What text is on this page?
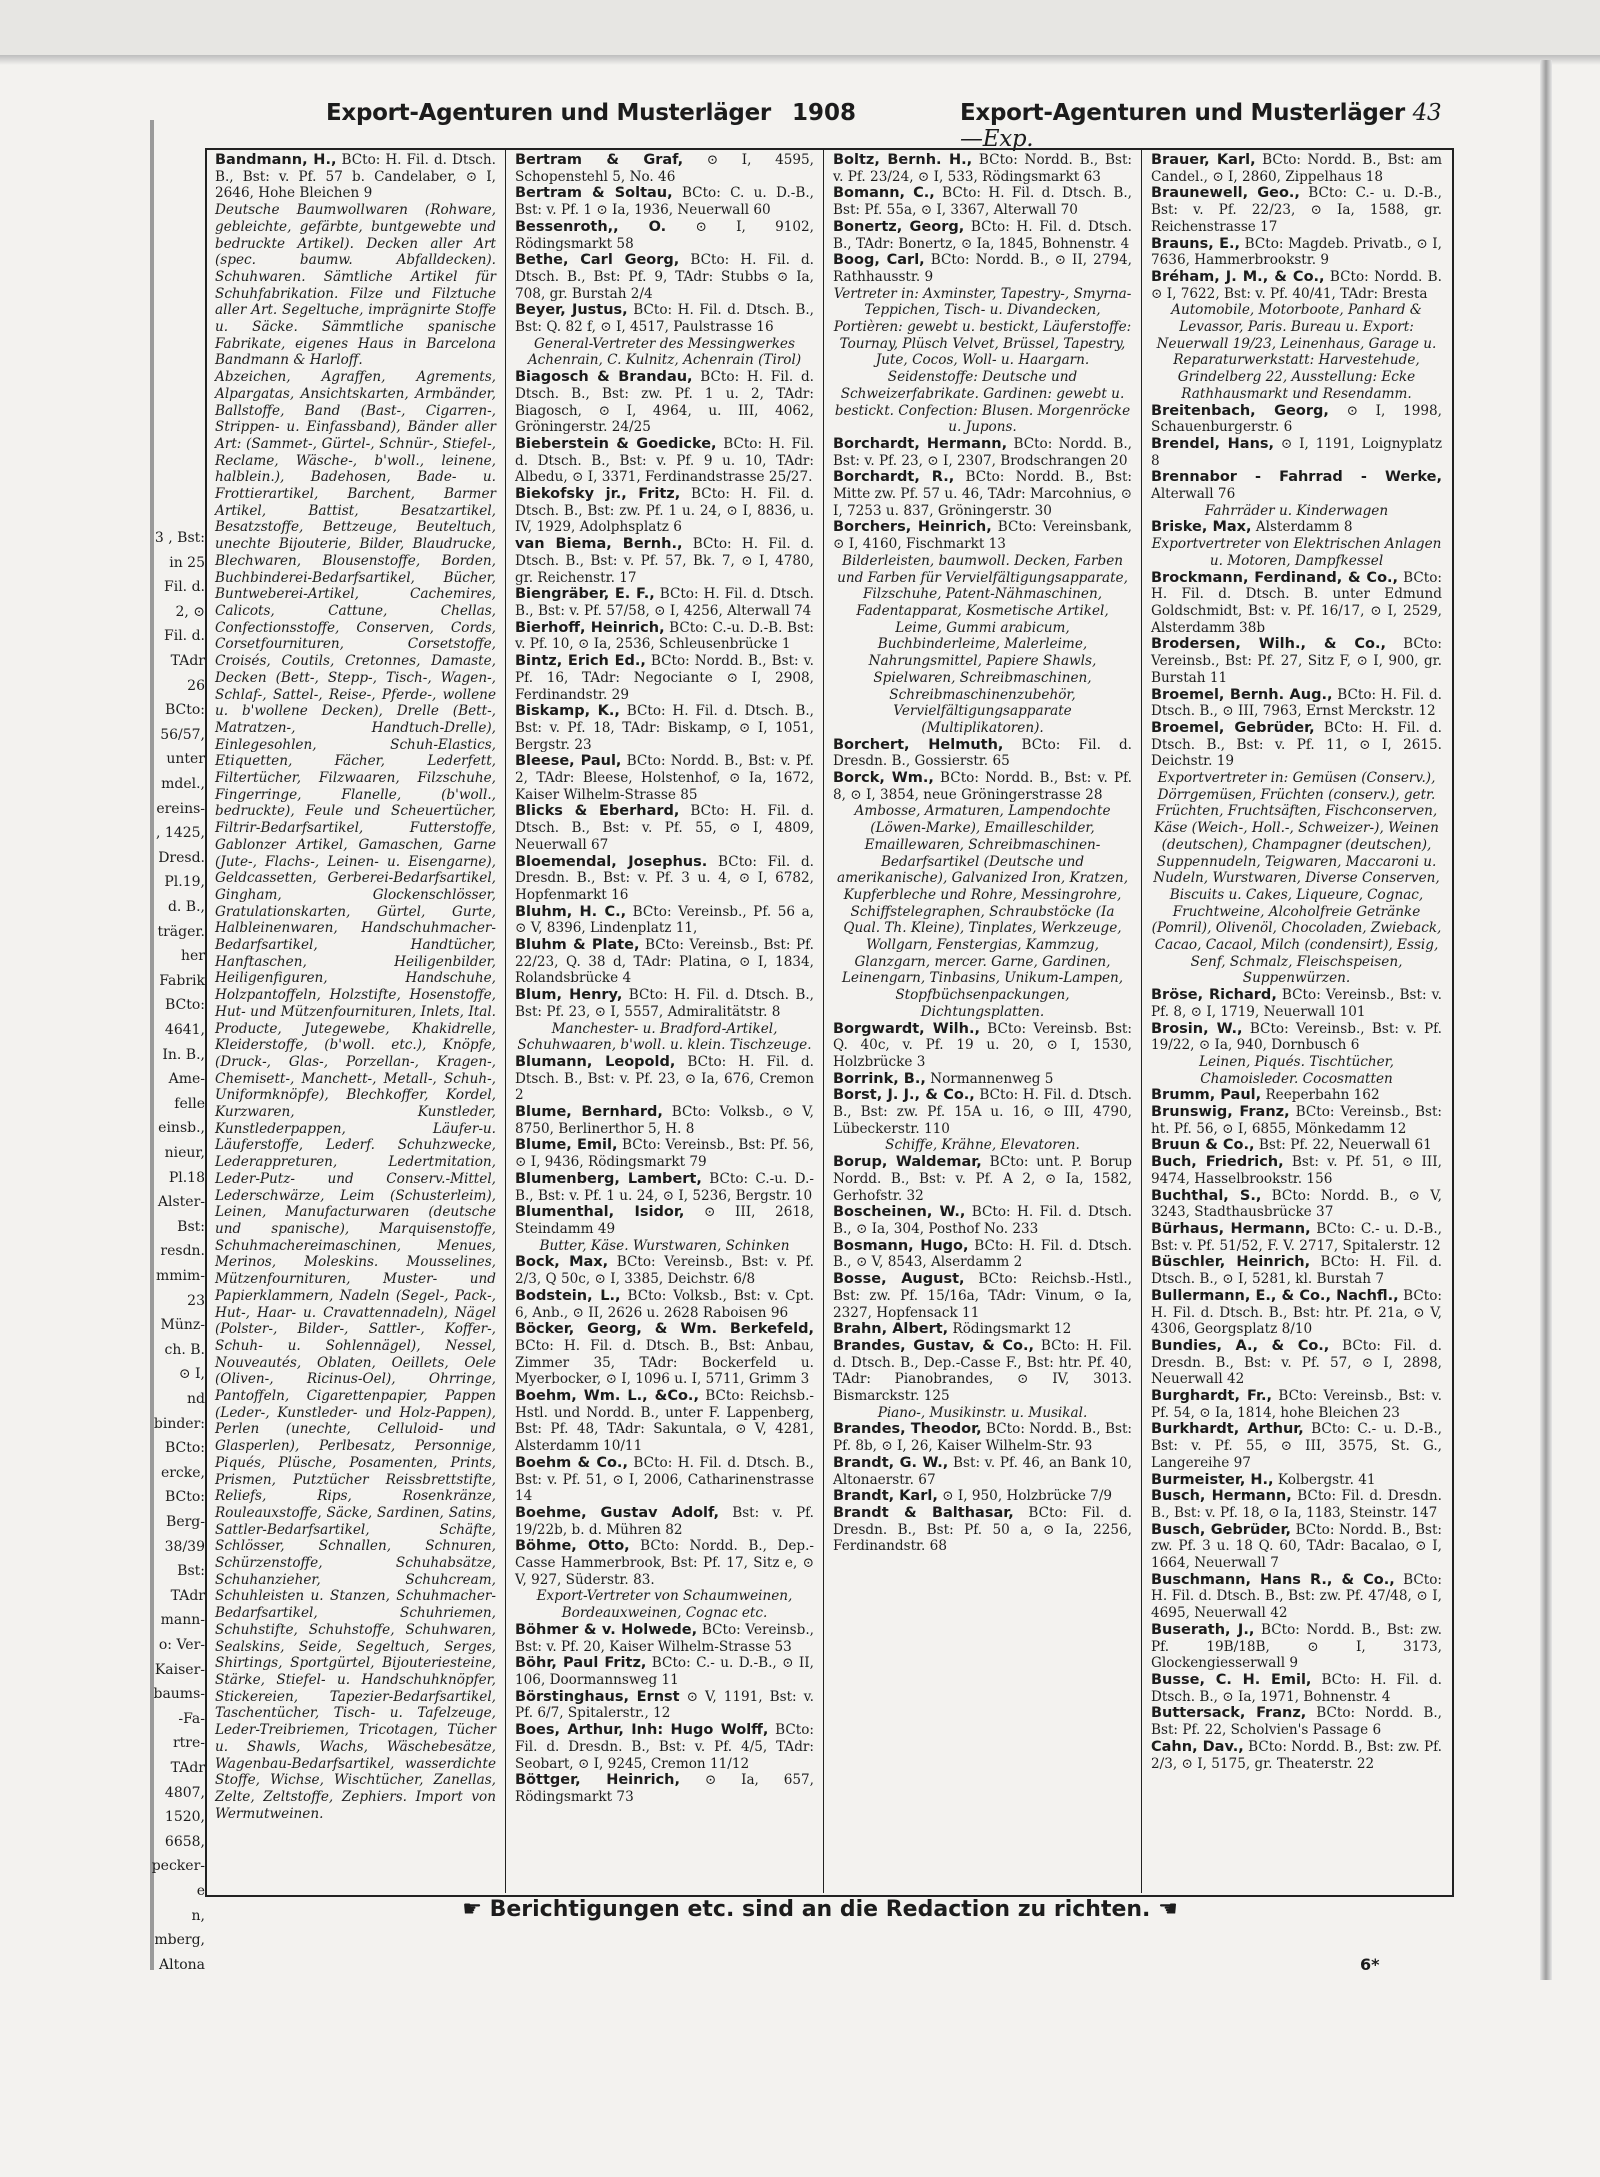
3 , Bst:
in 25
Fil. d.
2, ⊙
Fil. d.
TAdr
26
BCto:
56/57,
unter
mdel.,
ereins-
, 1425,
Dresd.
Pl.19,
d. B.,
träger.
her
Fabrik
BCto:
4641,
In. B.,
Ame-
felle
einsb.,
nieur,
Pl.18
Alster-
Bst:
resdn.
mmim-
23
Münz-
ch. B.
⊙ I,
nd
binder:
BCto:
ercke,
BCto:
Berg-
38/39
Bst:
TAdr
mann-
o: Ver-
Kaiser-
baums-
-Fa-
rtre-
TAdr
4807,
1520,
6658,
pecker-
e
n,
mberg,
Altona
Export-Agenturen und Musterläger 1908	Export-Agenturen und Musterläger 43—Exp.

Bandmann, H., BCto: H. Fil. d. Dtsch. B., Bst: v. Pf. 57 b. Candelaber, ⊙ I, 2646, Hohe Bleichen 9

Deutsche Baumwollwaren (Rohware, gebleichte, gefärbte, buntgewebte und bedruckte Artikel). Decken aller Art (spec. baumw. Abfalldecken). Schuhwaren. Sämtliche Artikel für Schuhfabrikation. Filze und Filztuche aller Art. Segeltuche, imprägnirte Stoffe u. Säcke. Sämmtliche spanische Fabrikate, eigenes Haus in Barcelona Bandmann & Harloff.

Abzeichen, Agraffen, Agrements, Alpargatas, Ansichtskarten, Armbänder, Ballstoffe, Band (Bast-, Cigarren-, Strippen- u. Einfassband), Bänder aller Art: (Sammet-, Gürtel-, Schnür-, Stiefel-, Reclame, Wäsche-, b'woll., leinene, halblein.), Badehosen, Bade- u. Frottierartikel, Barchent, Barmer Artikel, Battist, Besatzartikel, Besatzstoffe, Bettzeuge, Beuteltuch, unechte Bijouterie, Bilder, Blaudrucke, Blechwaren, Blousenstoffe, Borden, Buchbinderei-Bedarfsartikel, Bücher, Buntweberei-Artikel, Cachemires, Calicots, Cattune, Chellas, Confectionsstoffe, Conserven, Cords, Corsetfournituren, Corsetstoffe, Croisés, Coutils, Cretonnes, Damaste, Decken (Bett-, Stepp-, Tisch-, Wagen-, Schlaf-, Sattel-, Reise-, Pferde-, wollene u. b'wollene Decken), Drelle (Bett-, Matratzen-, Handtuch-Drelle), Einlegesohlen, Schuh-Elastics, Etiquetten, Fächer, Lederfett, Filtertücher, Filzwaaren, Filzschuhe, Fingerringe, Flanelle, (b'woll., bedruckte), Feule und Scheuertücher, Filtrir-Bedarfsartikel, Futterstoffe, Gablonzer Artikel, Gamaschen, Garne (Jute-, Flachs-, Leinen- u. Eisengarne), Geldcassetten, Gerberei-Bedarfsartikel, Gingham, Glockenschlösser, Gratulationskarten, Gürtel, Gurte, Halbleinenwaren, Handschuhmacher-Bedarfsartikel, Handtücher, Hanftaschen, Heiligenbilder, Heiligenfiguren, Handschuhe, Holzpantoffeln, Holzstifte, Hosenstoffe, Hut- und Mützenfournituren, Inlets, Ital. Producte, Jutegewebe, Khakidrelle, Kleiderstoffe, (b'woll. etc.), Knöpfe, (Druck-, Glas-, Porzellan-, Kragen-, Chemisett-, Manchett-, Metall-, Schuh-, Uniformknöpfe), Blechkoffer, Kordel, Kurzwaren, Kunstleder, Kunstlederpappen, Läufer-u. Läuferstoffe, Lederf. Schuhzwecke, Lederappreturen, Ledertmitation, Leder-Putz- und Conserv.-Mittel, Lederschwärze, Leim (Schusterleim), Leinen, Manufacturwaren (deutsche und spanische), Marquisenstoffe, Schuhmachereimaschinen, Menues, Merinos, Moleskins. Mousselines, Mützenfournituren, Muster- und Papierklammern, Nadeln (Segel-, Pack-, Hut-, Haar- u. Cravattennadeln), Nägel (Polster-, Bilder-, Sattler-, Koffer-, Schuh- u. Sohlennägel), Nessel, Nouveautés, Oblaten, Oeillets, Oele (Oliven-, Ricinus-Oel), Ohrringe, Pantoffeln, Cigarettenpapier, Pappen (Leder-, Kunstleder- und Holz-Pappen), Perlen (unechte, Celluloid- und Glasperlen), Perlbesatz, Personnige, Piqués, Plüsche, Posamenten, Prints, Prismen, Putztücher Reissbrettstifte, Reliefs, Rips, Rosenkränze, Rouleauxstoffe, Säcke, Sardinen, Satins, Sattler-Bedarfsartikel, Schäfte, Schlösser, Schnallen, Schnuren, Schürzenstoffe, Schuhabsätze, Schuhanzieher, Schuhcream, Schuhleisten u. Stanzen, Schuhmacher-Bedarfsartikel, Schuhriemen, Schuhstifte, Schuhstoffe, Schuhwaren, Sealskins, Seide, Segeltuch, Serges, Shirtings, Sportgürtel, Bijouteriesteine, Stärke, Stiefel- u. Handschuhknöpfer, Stickereien, Tapezier-Bedarfsartikel, Taschentücher, Tisch- u. Tafelzeuge, Leder-Treibriemen, Tricotagen, Tücher u. Shawls, Wachs, Wäschebesätze, Wagenbau-Bedarfsartikel, wasserdichte Stoffe, Wichse, Wischtücher, Zanellas, Zelte, Zeltstoffe, Zephiers. Import von Wermutweinen.

Bertram & Graf, ⊙ I, 4595, Schopenstehl 5, No. 46

Bertram & Soltau, BCto: C. u. D.-B., Bst: v. Pf. 1 ⊙ Ia, 1936, Neuerwall 60

Bessenroth,, O. ⊙ I, 9102, Rödingsmarkt 58

Bethe, Carl Georg, BCto: H. Fil. d. Dtsch. B., Bst: Pf. 9, TAdr: Stubbs ⊙ Ia, 708, gr. Burstah 2/4

Beyer, Justus, BCto: H. Fil. d. Dtsch. B., Bst: Q. 82 f, ⊙ I, 4517, Paulstrasse 16

General-Vertreter des Messingwerkes Achenrain, C. Kulnitz, Achenrain (Tirol)

Biagosch & Brandau, BCto: H. Fil. d. Dtsch. B., Bst: zw. Pf. 1 u. 2, TAdr: Biagosch, ⊙ I, 4964, u. III, 4062, Gröningerstr. 24/25

Bieberstein & Goedicke, BCto: H. Fil. d. Dtsch. B., Bst: v. Pf. 9 u. 10, TAdr: Albedu, ⊙ I, 3371, Ferdinandstrasse 25/27.

Biekofsky jr., Fritz, BCto: H. Fil. d. Dtsch. B., Bst: zw. Pf. 1 u. 24, ⊙ I, 8836, u. IV, 1929, Adolphsplatz 6

van Biema, Bernh., BCto: H. Fil. d. Dtsch. B., Bst: v. Pf. 57, Bk. 7, ⊙ I, 4780, gr. Reichenstr. 17

Biengräber, E. F., BCto: H. Fil. d. Dtsch. B., Bst: v. Pf. 57/58, ⊙ I, 4256, Alterwall 74

Bierhoff, Heinrich, BCto: C.-u. D.-B. Bst: v. Pf. 10, ⊙ Ia, 2536, Schleusenbrücke 1

Bintz, Erich Ed., BCto: Nordd. B., Bst: v. Pf. 16, TAdr: Negociante ⊙ I, 2908, Ferdinandstr. 29

Biskamp, K., BCto: H. Fil. d. Dtsch. B., Bst: v. Pf. 18, TAdr: Biskamp, ⊙ I, 1051, Bergstr. 23

Bleese, Paul, BCto: Nordd. B., Bst: v. Pf. 2, TAdr: Bleese, Holstenhof, ⊙ Ia, 1672, Kaiser Wilhelm-Strasse 85

Blicks & Eberhard, BCto: H. Fil. d. Dtsch. B., Bst: v. Pf. 55, ⊙ I, 4809, Neuerwall 67

Bloemendal, Josephus. BCto: Fil. d. Dresdn. B., Bst: v. Pf. 3 u. 4, ⊙ I, 6782, Hopfenmarkt 16

Bluhm, H. C., BCto: Vereinsb., Pf. 56 a, ⊙ V, 8396, Lindenplatz 11,

Bluhm & Plate, BCto: Vereinsb., Bst: Pf. 22/23, Q. 38 d, TAdr: Platina, ⊙ I, 1834, Rolandsbrücke 4

Blum, Henry, BCto: H. Fil. d. Dtsch. B., Bst: Pf. 23, ⊙ I, 5557, Admiralitätstr. 8

Manchester- u. Bradford-Artikel, Schuhwaaren, b'woll. u. klein. Tischzeuge.

Blumann, Leopold, BCto: H. Fil. d. Dtsch. B., Bst: v. Pf. 23, ⊙ Ia, 676, Cremon 2

Blume, Bernhard, BCto: Volksb., ⊙ V, 8750, Berlinerthor 5, H. 8

Blume, Emil, BCto: Vereinsb., Bst: Pf. 56, ⊙ I, 9436, Rödingsmarkt 79

Blumenberg, Lambert, BCto: C.-u. D.-B., Bst: v. Pf. 1 u. 24, ⊙ I, 5236, Bergstr. 10

Blumenthal, Isidor, ⊙ III, 2618, Steindamm 49

Butter, Käse. Wurstwaren, Schinken

Bock, Max, BCto: Vereinsb., Bst: v. Pf. 2/3, Q 50c, ⊙ I, 3385, Deichstr. 6/8

Bodstein, L., BCto: Volksb., Bst: v. Cpt. 6, Anb., ⊙ II, 2626 u. 2628 Raboisen 96

Böcker, Georg, & Wm. Berkefeld, BCto: H. Fil. d. Dtsch. B., Bst: Anbau, Zimmer 35, TAdr: Bockerfeld u. Myerbocker, ⊙ I, 1096 u. I, 5711, Grimm 3

Boehm, Wm. L., &Co., BCto: Reichsb.-Hstl. und Nordd. B., unter F. Lappenberg, Bst: Pf. 48, TAdr: Sakuntala, ⊙ V, 4281, Alsterdamm 10/11

Boehm & Co., BCto: H. Fil. d. Dtsch. B., Bst: v. Pf. 51, ⊙ I, 2006, Catharinenstrasse 14

Boehme, Gustav Adolf, Bst: v. Pf. 19/22b, b. d. Mühren 82

Böhme, Otto, BCto: Nordd. B., Dep.-Casse Hammerbrook, Bst: Pf. 17, Sitz e, ⊙ V, 927, Süderstr. 83.

Export-Vertreter von Schaumweinen, Bordeauxweinen, Cognac etc.

Böhmer & v. Holwede, BCto: Vereinsb., Bst: v. Pf. 20, Kaiser Wilhelm-Strasse 53

Böhr, Paul Fritz, BCto: C.- u. D.-B., ⊙ II, 106, Doormannsweg 11

Börstinghaus, Ernst ⊙ V, 1191, Bst: v. Pf. 6/7, Spitalerstr., 12

Boes, Arthur, Inh: Hugo Wolff, BCto: Fil. d. Dresdn. B., Bst: v. Pf. 4/5, TAdr: Seobart, ⊙ I, 9245, Cremon 11/12

Böttger, Heinrich, ⊙ Ia, 657, Rödingsmarkt 73

Boltz, Bernh. H., BCto: Nordd. B., Bst: v. Pf. 23/24, ⊙ I, 533, Rödingsmarkt 63

Bomann, C., BCto: H. Fil. d. Dtsch. B., Bst: Pf. 55a, ⊙ I, 3367, Alterwall 70

Bonertz, Georg, BCto: H. Fil. d. Dtsch. B., TAdr: Bonertz, ⊙ Ia, 1845, Bohnenstr. 4

Boog, Carl, BCto: Nordd. B., ⊙ II, 2794, Rathhausstr. 9

Vertreter in: Axminster, Tapestry-, Smyrna-Teppichen, Tisch- u. Divandecken, Portièren: gewebt u. bestickt, Läuferstoffe: Tournay, Plüsch Velvet, Brüssel, Tapestry, Jute, Cocos, Woll- u. Haargarn. Seidenstoffe: Deutsche und Schweizerfabrikate. Gardinen: gewebt u. bestickt. Confection: Blusen. Morgenröcke u. Jupons.

Borchardt, Hermann, BCto: Nordd. B., Bst: v. Pf. 23, ⊙ I, 2307, Brodschrangen 20

Borchardt, R., BCto: Nordd. B., Bst: Mitte zw. Pf. 57 u. 46, TAdr: Marcohnius, ⊙ I, 7253 u. 837, Gröningerstr. 30

Borchers, Heinrich, BCto: Vereinsbank, ⊙ I, 4160, Fischmarkt 13

Bilderleisten, baumwoll. Decken, Farben und Farben für Vervielfältigungsapparate, Filzschuhe, Patent-Nähmaschinen, Fadentapparat, Kosmetische Artikel, Leime, Gummi arabicum, Buchbinderleime, Malerleime, Nahrungsmittel, Papiere Shawls, Spielwaren, Schreibmaschinen, Schreibmaschinenzubehör, Vervielfältigungsapparate (Multiplikatoren).

Borchert, Helmuth, BCto: Fil. d. Dresdn. B., Gossierstr. 65

Borck, Wm., BCto: Nordd. B., Bst: v. Pf. 8, ⊙ I, 3854, neue Gröningerstrasse 28

Ambosse, Armaturen, Lampendochte (Löwen-Marke), Emailleschilder, Emaillewaren, Schreibmaschinen-Bedarfsartikel (Deutsche und amerikanische), Galvanized Iron, Kratzen, Kupferbleche und Rohre, Messingrohre, Schiffstelegraphen, Schraubstöcke (Ia Qual. Th. Kleine), Tinplates, Werkzeuge, Wollgarn, Fenstergias, Kammzug, Glanzgarn, mercer. Garne, Gardinen, Leinengarn, Tinbasins, Unikum-Lampen, Stopfbüchsenpackungen, Dichtungsplatten.

Borgwardt, Wilh., BCto: Vereinsb. Bst: Q. 40c, v. Pf. 19 u. 20, ⊙ I, 1530, Holzbrücke 3

Borrink, B., Normannenweg 5

Borst, J. J., & Co., BCto: H. Fil. d. Dtsch. B., Bst: zw. Pf. 15A u. 16, ⊙ III, 4790, Lübeckerstr. 110

Schiffe, Krähne, Elevatoren.

Borup, Waldemar, BCto: unt. P. Borup Nordd. B., Bst: v. Pf. A 2, ⊙ Ia, 1582, Gerhofstr. 32

Boscheinen, W., BCto: H. Fil. d. Dtsch. B., ⊙ Ia, 304, Posthof No. 233

Bosmann, Hugo, BCto: H. Fil. d. Dtsch. B., ⊙ V, 8543, Alserdamm 2

Bosse, August, BCto: Reichsb.-Hstl., Bst: zw. Pf. 15/16a, TAdr: Vinum, ⊙ Ia, 2327, Hopfensack 11

Brahn, Albert, Rödingsmarkt 12

Brandes, Gustav, & Co., BCto: H. Fil. d. Dtsch. B., Dep.-Casse F., Bst: htr. Pf. 40, TAdr: Pianobrandes, ⊙ IV, 3013. Bismarckstr. 125

Piano-, Musikinstr. u. Musikal.

Brandes, Theodor, BCto: Nordd. B., Bst: Pf. 8b, ⊙ I, 26, Kaiser Wilhelm-Str. 93

Brandt, G. W., Bst: v. Pf. 46, an Bank 10, Altonaerstr. 67

Brandt, Karl, ⊙ I, 950, Holzbrücke 7/9

Brandt & Balthasar, BCto: Fil. d. Dresdn. B., Bst: Pf. 50 a, ⊙ Ia, 2256, Ferdinandstr. 68

Brauer, Karl, BCto: Nordd. B., Bst: am Candel., ⊙ I, 2860, Zippelhaus 18

Braunewell, Geo., BCto: C.- u. D.-B., Bst: v. Pf. 22/23, ⊙ Ia, 1588, gr. Reichenstrasse 17

Brauns, E., BCto: Magdeb. Privatb., ⊙ I, 7636, Hammerbrookstr. 9

Bréham, J. M., & Co., BCto: Nordd. B. ⊙ I, 7622, Bst: v. Pf. 40/41, TAdr: Bresta

Automobile, Motorboote, Panhard & Levassor, Paris. Bureau u. Export: Neuerwall 19/23, Leinenhaus, Garage u. Reparaturwerkstatt: Harvestehude, Grindelberg 22, Ausstellung: Ecke Rathhausmarkt und Resendamm.

Breitenbach, Georg, ⊙ I, 1998, Schauenburgerstr. 6

Brendel, Hans, ⊙ I, 1191, Loignyplatz 8

Brennabor - Fahrrad - Werke, Alterwall 76

Fahrräder u. Kinderwagen

Briske, Max, Alsterdamm 8

Exportvertreter von Elektrischen Anlagen u. Motoren, Dampfkessel

Brockmann, Ferdinand, & Co., BCto: H. Fil. d. Dtsch. B. unter Edmund Goldschmidt, Bst: v. Pf. 16/17, ⊙ I, 2529, Alsterdamm 38b

Brodersen, Wilh., & Co., BCto: Vereinsb., Bst: Pf. 27, Sitz F, ⊙ I, 900, gr. Burstah 11

Broemel, Bernh. Aug., BCto: H. Fil. d. Dtsch. B., ⊙ III, 7963, Ernst Merckstr. 12

Broemel, Gebrüder, BCto: H. Fil. d. Dtsch. B., Bst: v. Pf. 11, ⊙ I, 2615. Deichstr. 19

Exportvertreter in: Gemüsen (Conserv.), Dörrgemüsen, Früchten (conserv.), getr. Früchten, Fruchtsäften, Fischconserven, Käse (Weich-, Holl.-, Schweizer-), Weinen (deutschen), Champagner (deutschen), Suppennudeln, Teigwaren, Maccaroni u. Nudeln, Wurstwaren, Diverse Conserven, Biscuits u. Cakes, Liqueure, Cognac, Fruchtweine, Alcoholfreie Getränke (Pomril), Olivenöl, Chocoladen, Zwieback, Cacao, Cacaol, Milch (condensirt), Essig, Senf, Schmalz, Fleischspeisen, Suppenwürzen.

Bröse, Richard, BCto: Vereinsb., Bst: v. Pf. 8, ⊙ I, 1719, Neuerwall 101

Brosin, W., BCto: Vereinsb., Bst: v. Pf. 19/22, ⊙ Ia, 940, Dornbusch 6

Leinen, Piqués. Tischtücher, Chamoisleder. Cocosmatten

Brumm, Paul, Reeperbahn 162

Brunswig, Franz, BCto: Vereinsb., Bst: ht. Pf. 56, ⊙ I, 6855, Mönkedamm 12

Bruun & Co., Bst: Pf. 22, Neuerwall 61

Buch, Friedrich, Bst: v. Pf. 51, ⊙ III, 9474, Hasselbrookstr. 156

Buchthal, S., BCto: Nordd. B., ⊙ V, 3243, Stadthausbrücke 37

Bürhaus, Hermann, BCto: C.- u. D.-B., Bst: v. Pf. 51/52, F. V. 2717, Spitalerstr. 12

Büschler, Heinrich, BCto: H. Fil. d. Dtsch. B., ⊙ I, 5281, kl. Burstah 7

Bullermann, E., & Co., Nachfl., BCto: H. Fil. d. Dtsch. B., Bst: htr. Pf. 21a, ⊙ V, 4306, Georgsplatz 8/10

Bundies, A., & Co., BCto: Fil. d. Dresdn. B., Bst: v. Pf. 57, ⊙ I, 2898, Neuerwall 42

Burghardt, Fr., BCto: Vereinsb., Bst: v. Pf. 54, ⊙ Ia, 1814, hohe Bleichen 23

Burkhardt, Arthur, BCto: C.- u. D.-B., Bst: v. Pf. 55, ⊙ III, 3575, St. G., Langereihe 97

Burmeister, H., Kolbergstr. 41

Busch, Hermann, BCto: Fil. d. Dresdn. B., Bst: v. Pf. 18, ⊙ Ia, 1183, Steinstr. 147

Busch, Gebrüder, BCto: Nordd. B., Bst: zw. Pf. 3 u. 18 Q. 60, TAdr: Bacalao, ⊙ I, 1664, Neuerwall 7

Buschmann, Hans R., & Co., BCto: H. Fil. d. Dtsch. B., Bst: zw. Pf. 47/48, ⊙ I, 4695, Neuerwall 42

Buserath, J., BCto: Nordd. B., Bst: zw. Pf. 19B/18B, ⊙ I, 3173, Glockengiesserwall 9

Busse, C. H. Emil, BCto: H. Fil. d. Dtsch. B., ⊙ Ia, 1971, Bohnenstr. 4

Buttersack, Franz, BCto: Nordd. B., Bst: Pf. 22, Scholvien's Passage 6

Cahn, Dav., BCto: Nordd. B., Bst: zw. Pf. 2/3, ⊙ I, 5175, gr. Theaterstr. 22

☛ Berichtigungen etc. sind an die Redaction zu richten. ☚
6*
